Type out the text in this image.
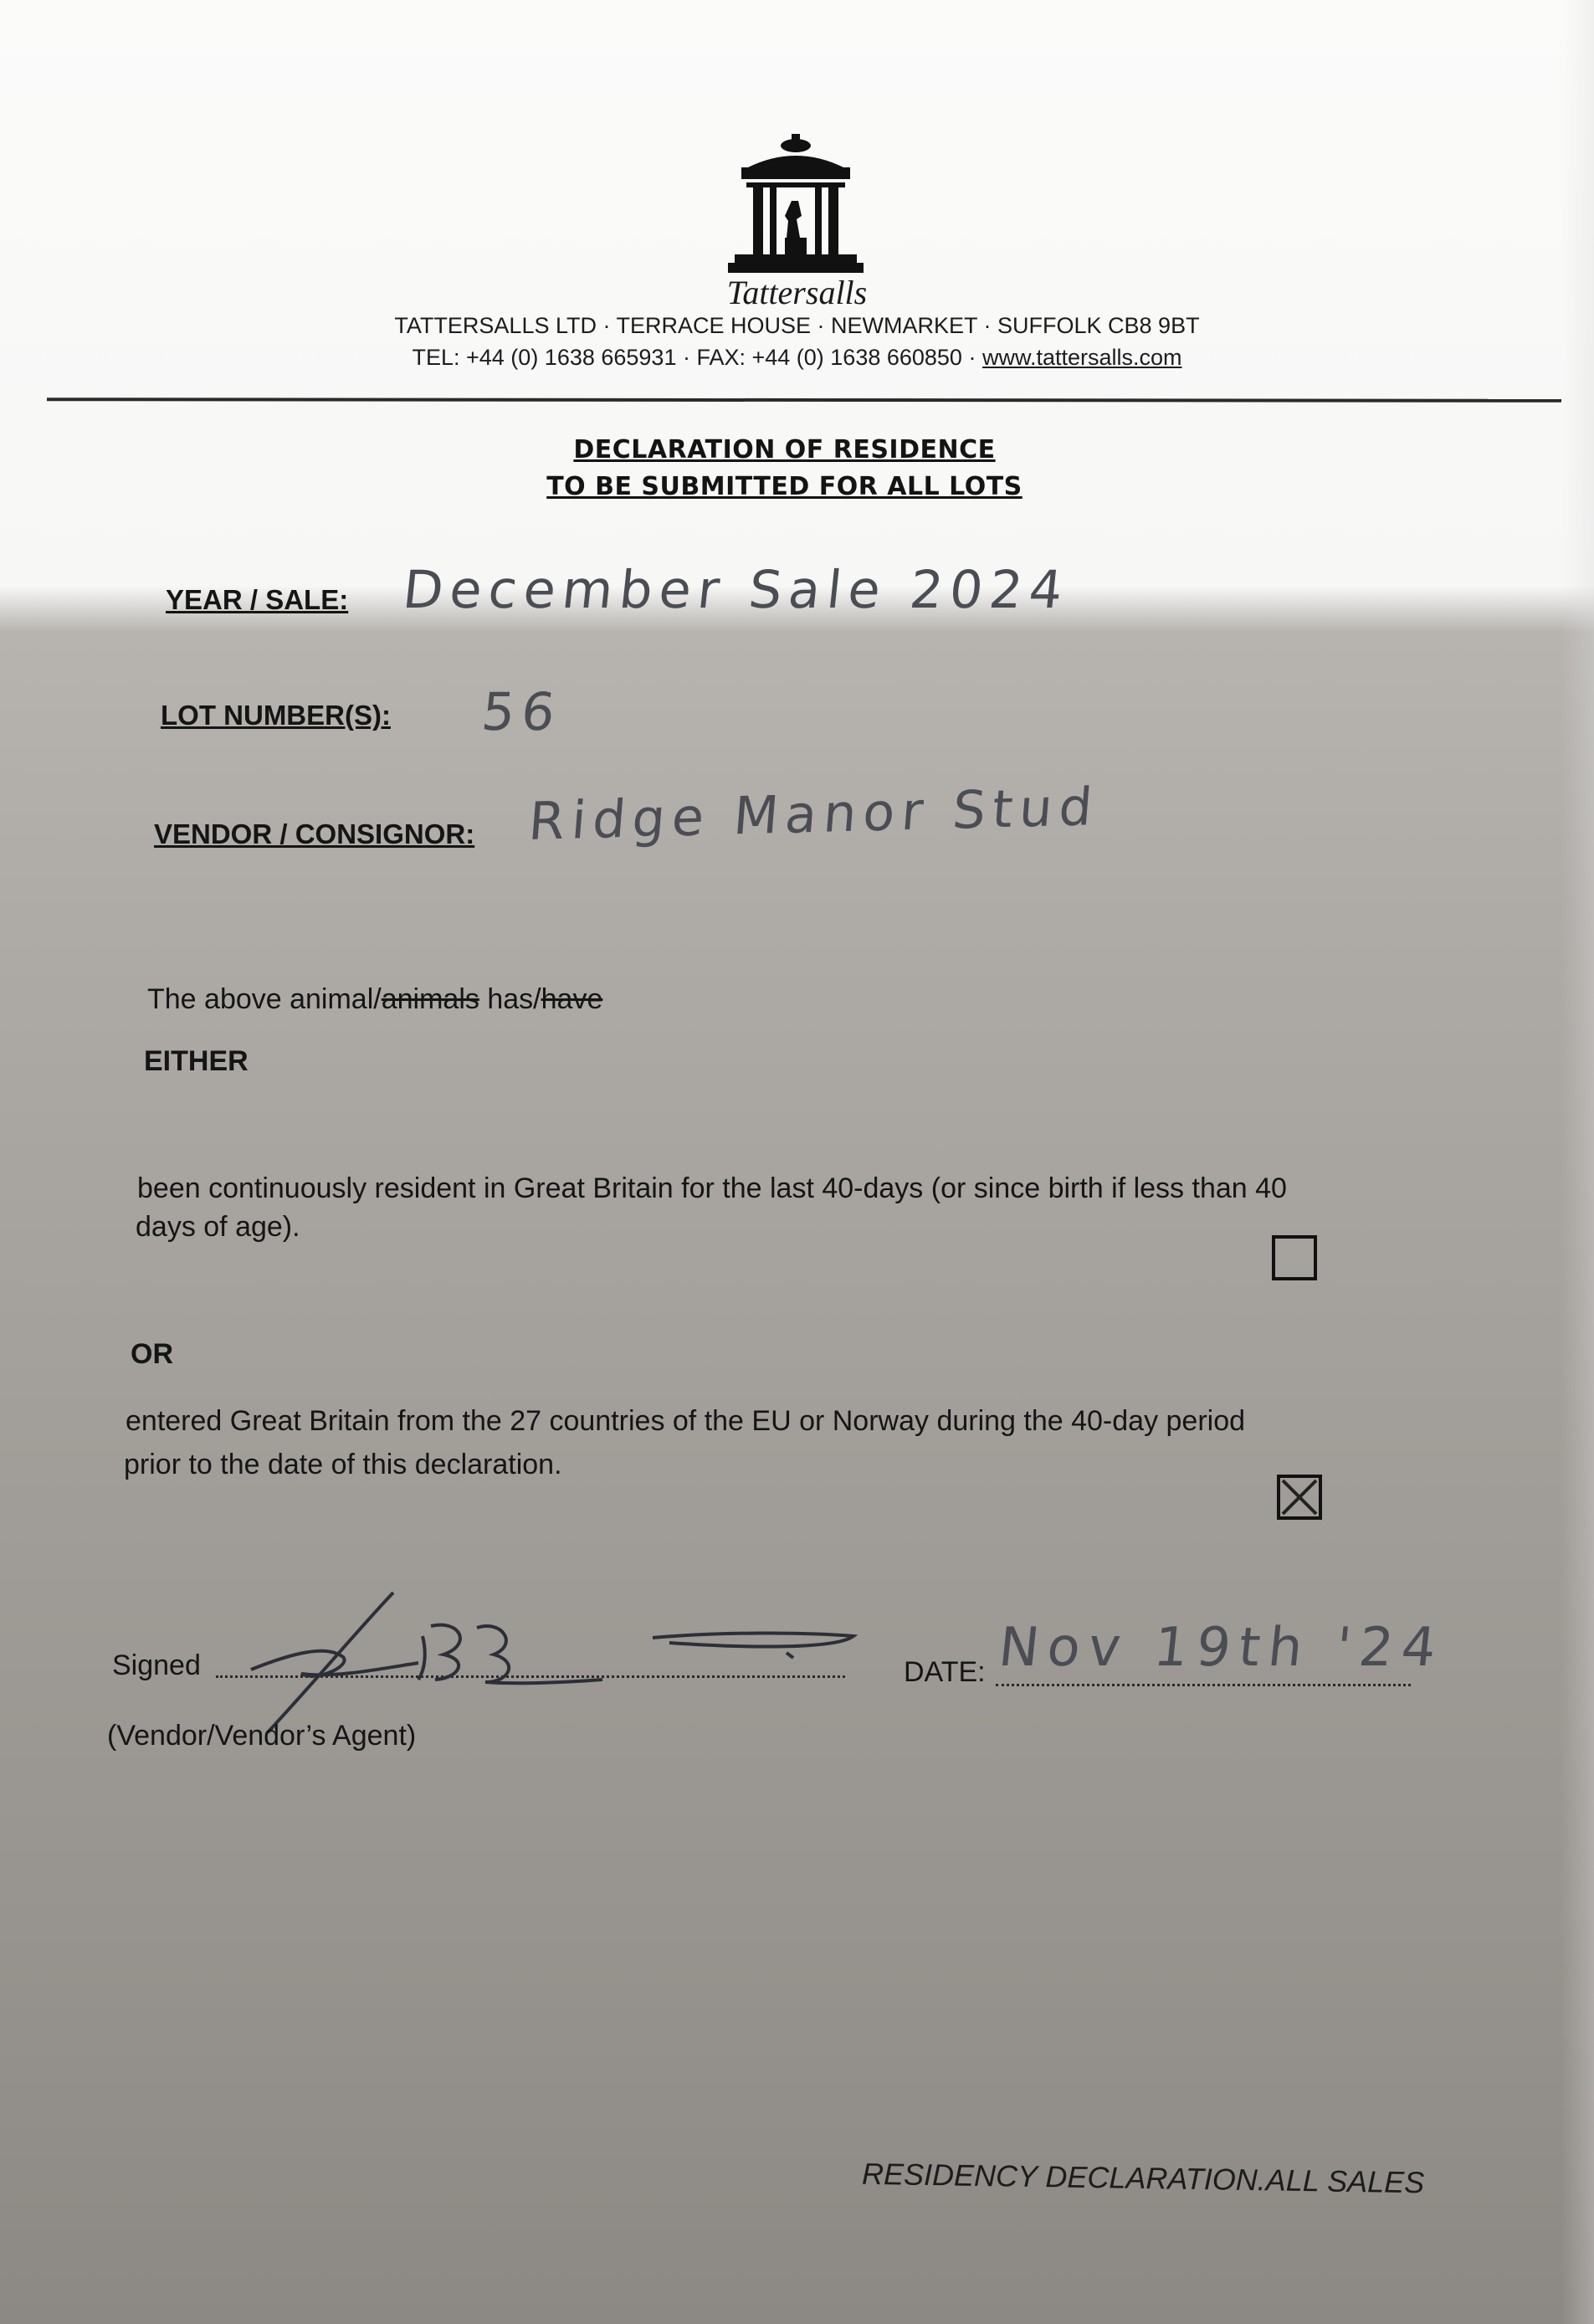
Tattersalls
TATTERSALLS LTD · TERRACE HOUSE · NEWMARKET · SUFFOLK CB8 9BT
TEL: +44 (0) 1638 665931 · FAX: +44 (0) 1638 660850 · www.tattersalls.com
DECLARATION OF RESIDENCE
TO BE SUBMITTED FOR ALL LOTS
YEAR / SALE: December Sale 2024
LOT NUMBER(S): 56
VENDOR / CONSIGNOR: Ridge Manor Stud
The above animal/animals has/have
EITHER
been continuously resident in Great Britain for the last 40-days (or since birth if less than 40
days of age).
OR
entered Great Britain from the 27 countries of the EU or Norway during the 40-day period
prior to the date of this declaration.
Signed
(Vendor/Vendor’s Agent)
DATE: Nov 19th '24
RESIDENCY DECLARATION.ALL SALES
